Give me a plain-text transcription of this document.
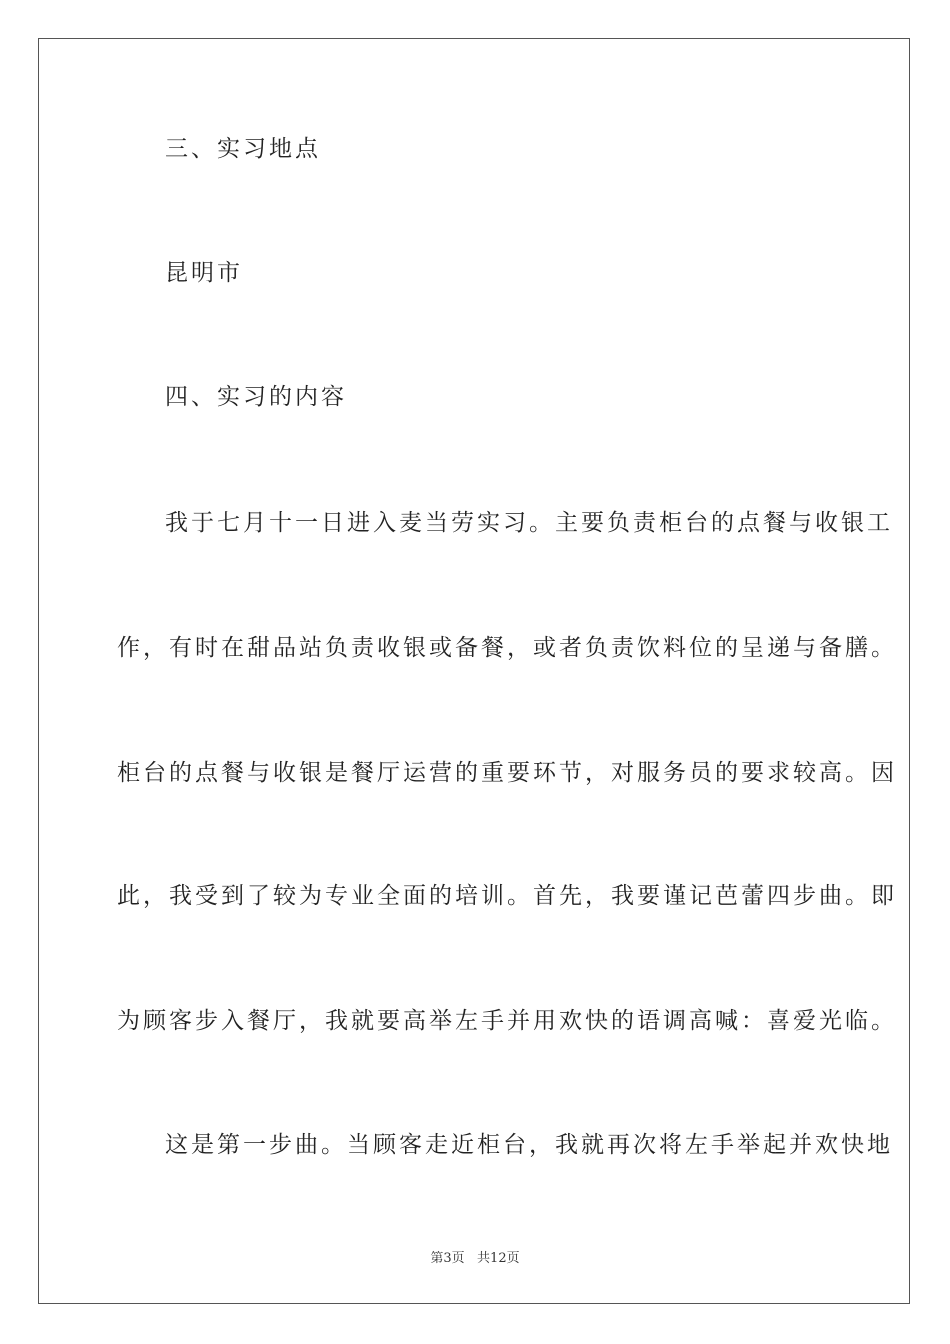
三、实习地点
昆明市
四、实习的内容
我于七月十一日进入麦当劳实习。主要负责柜台的点餐与收银工
作，有时在甜品站负责收银或备餐，或者负责饮料位的呈递与备膳。
柜台的点餐与收银是餐厅运营的重要环节，对服务员的要求较高。因
此，我受到了较为专业全面的培训。首先，我要谨记芭蕾四步曲。即
为顾客步入餐厅，我就要高举左手并用欢快的语调高喊：喜爱光临。
这是第一步曲。当顾客走近柜台，我就再次将左手举起并欢快地
第3页   共12页
